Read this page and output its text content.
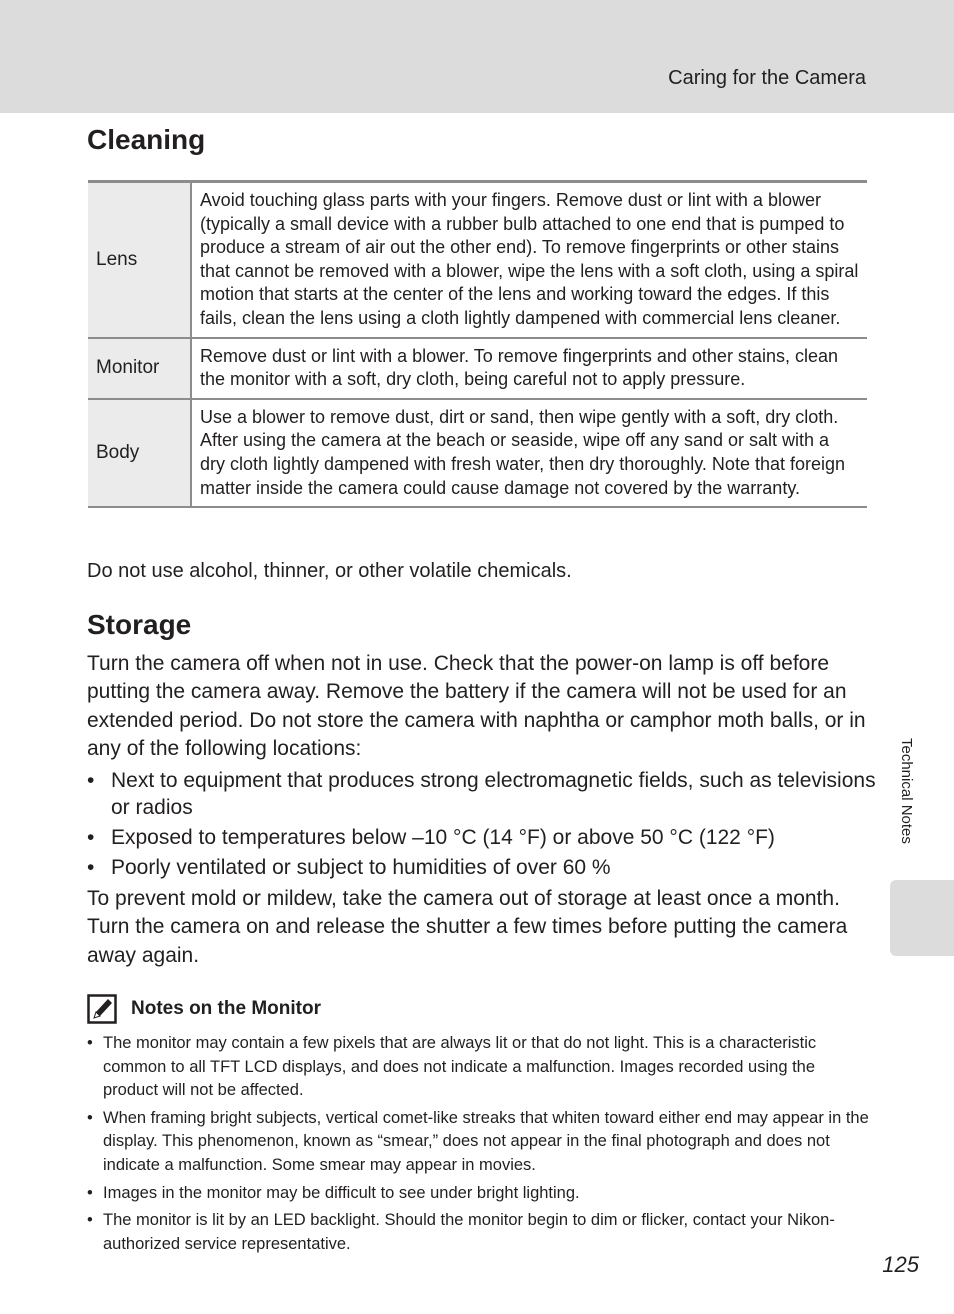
Caring for the Camera
Cleaning
Lens	Avoid touching glass parts with your fingers. Remove dust or lint with a blower (typically a small device with a rubber bulb attached to one end that is pumped to produce a stream of air out the other end). To remove fingerprints or other stains that cannot be removed with a blower, wipe the lens with a soft cloth, using a spiral motion that starts at the center of the lens and working toward the edges. If this fails, clean the lens using a cloth lightly dampened with commercial lens cleaner.
Monitor	Remove dust or lint with a blower. To remove fingerprints and other stains, clean the monitor with a soft, dry cloth, being careful not to apply pressure.
Body	Use a blower to remove dust, dirt or sand, then wipe gently with a soft, dry cloth. After using the camera at the beach or seaside, wipe off any sand or salt with a dry cloth lightly dampened with fresh water, then dry thoroughly. Note that foreign matter inside the camera could cause damage not covered by the warranty.

Do not use alcohol, thinner, or other volatile chemicals.

Storage

Turn the camera off when not in use. Check that the power-on lamp is off before putting the camera away. Remove the battery if the camera will not be used for an extended period. Do not store the camera with naphtha or camphor moth balls, or in any of the following locations:

• Next to equipment that produces strong electromagnetic fields, such as televisions or radios
• Exposed to temperatures below –10 °C (14 °F) or above 50 °C (122 °F)
• Poorly ventilated or subject to humidities of over 60 %

To prevent mold or mildew, take the camera out of storage at least once a month. Turn the camera on and release the shutter a few times before putting the camera away again.

Notes on the Monitor
• The monitor may contain a few pixels that are always lit or that do not light. This is a characteristic common to all TFT LCD displays, and does not indicate a malfunction. Images recorded using the product will not be affected.
• When framing bright subjects, vertical comet-like streaks that whiten toward either end may appear in the display. This phenomenon, known as “smear,” does not appear in the final photograph and does not indicate a malfunction. Some smear may appear in movies.
• Images in the monitor may be difficult to see under bright lighting.
• The monitor is lit by an LED backlight. Should the monitor begin to dim or flicker, contact your Nikon-authorized service representative.
Technical Notes
125
